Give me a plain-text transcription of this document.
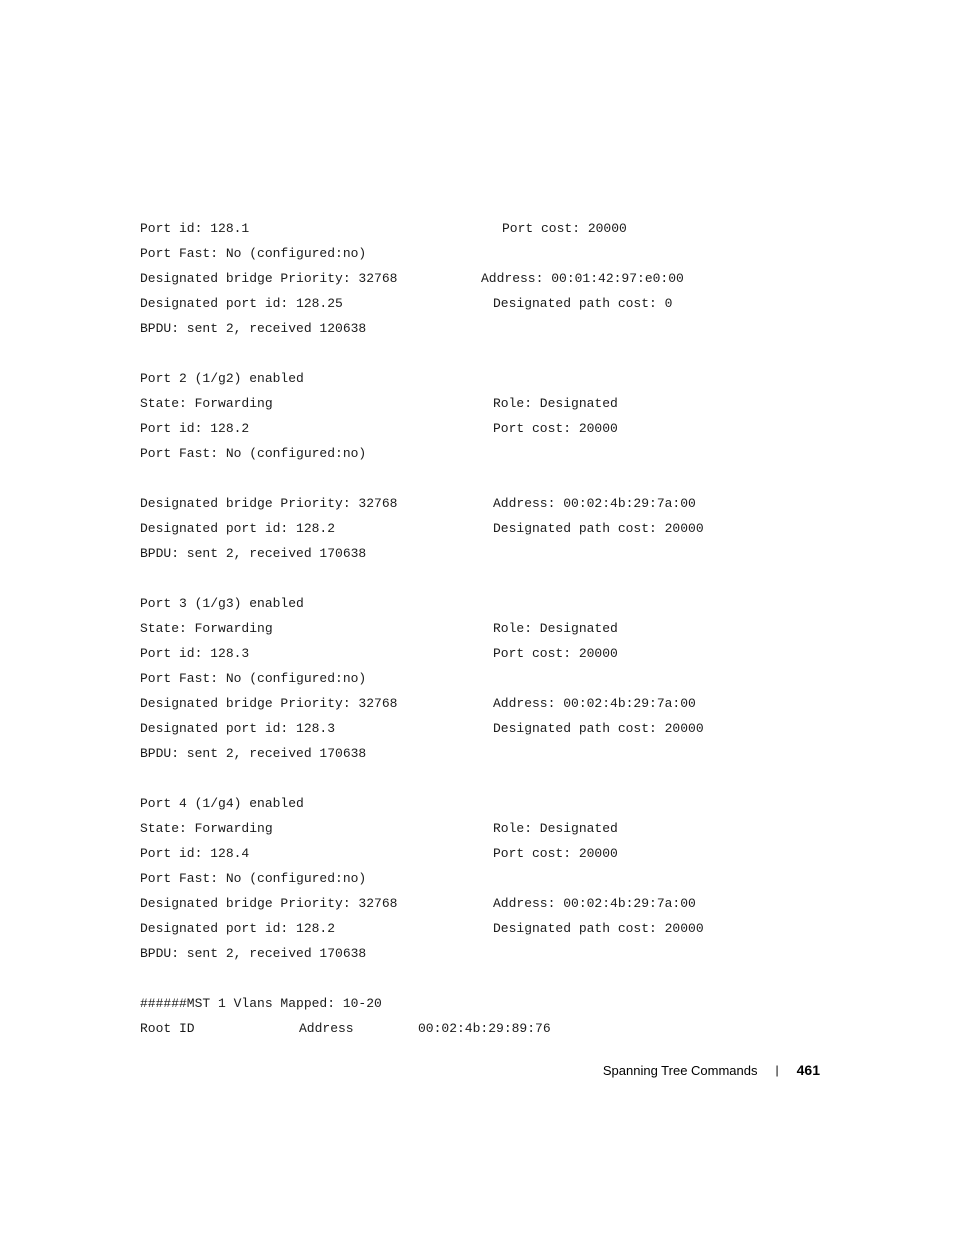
Port id: 128.1	Port cost: 20000
Port Fast: No (configured:no)
Designated bridge Priority: 32768	Address: 00:01:42:97:e0:00
Designated port id: 128.25	Designated path cost: 0
BPDU: sent 2, received 120638
Port 2 (1/g2) enabled
State: Forwarding	Role: Designated
Port id: 128.2	Port cost: 20000
Port Fast: No (configured:no)
Designated bridge Priority: 32768	Address: 00:02:4b:29:7a:00
Designated port id: 128.2	Designated path cost: 20000
BPDU: sent 2, received 170638
Port 3 (1/g3) enabled
State: Forwarding	Role: Designated
Port id: 128.3	Port cost: 20000
Port Fast: No (configured:no)
Designated bridge Priority: 32768	Address: 00:02:4b:29:7a:00
Designated port id: 128.3	Designated path cost: 20000
BPDU: sent 2, received 170638
Port 4 (1/g4) enabled
State: Forwarding	Role: Designated
Port id: 128.4	Port cost: 20000
Port Fast: No (configured:no)
Designated bridge Priority: 32768	Address: 00:02:4b:29:7a:00
Designated port id: 128.2	Designated path cost: 20000
BPDU: sent 2, received 170638
######MST 1 Vlans Mapped: 10-20
Root ID	Address	00:02:4b:29:89:76
Spanning Tree Commands | 461
